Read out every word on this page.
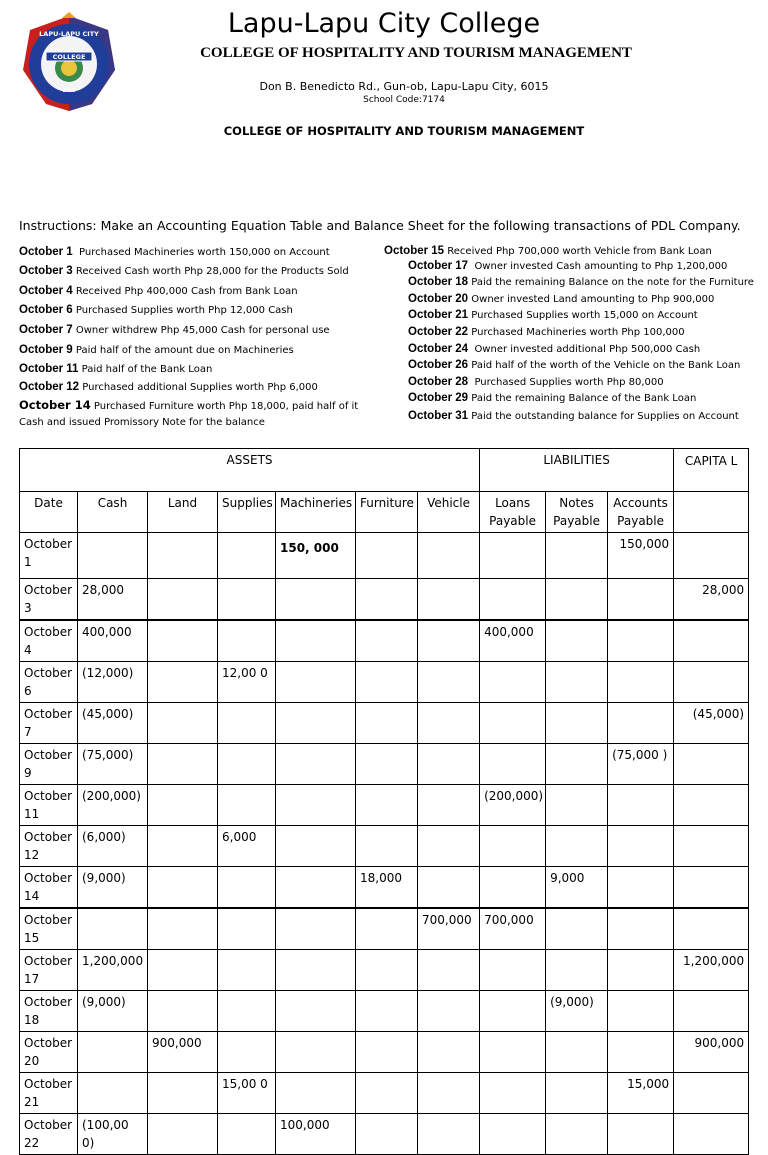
COLLEGE
LAPU-LAPU CITY
2013
Lapu-Lapu City College
COLLEGE OF HOSPITALITY AND TOURISM MANAGEMENT
Don B. Benedicto Rd., Gun-ob, Lapu-Lapu City, 6015
School Code:7174
COLLEGE OF HOSPITALITY AND TOURISM MANAGEMENT
Instructions: Make an Accounting Equation Table and Balance Sheet for the following transactions of PDL Company.
October 1 Purchased Machineries worth 150,000 on Account
October 3 Received Cash worth Php 28,000 for the Products Sold
October 4 Received Php 400,000 Cash from Bank Loan
October 6 Purchased Supplies worth Php 12,000 Cash
October 7 Owner withdrew Php 45,000 Cash for personal use
October 9 Paid half of the amount due on Machineries
October 11 Paid half of the Bank Loan
October 12 Purchased additional Supplies worth Php 6,000
October 14 Purchased Furniture worth Php 18,000, paid half of it Cash and issued Promissory Note for the balance
October 15 Received Php 700,000 worth Vehicle from Bank Loan
October 17 Owner invested Cash amounting to Php 1,200,000
October 18 Paid the remaining Balance on the note for the Furniture
October 20 Owner invested Land amounting to Php 900,000
October 21 Purchased Supplies worth 15,000 on Account
October 22 Purchased Machineries worth Php 100,000
October 24 Owner invested additional Php 500,000 Cash
October 26 Paid half of the worth of the Vehicle on the Bank Loan
October 28 Purchased Supplies worth Php 80,000
October 29 Paid the remaining Balance of the Bank Loan
October 31 Paid the outstanding balance for Supplies on Account
ASSETS							LIABILITIES			CAPITA L
Date	Cash	Land	Supplies	Machineries	Furniture	Vehicle	Loans Payable	Notes Payable	Accounts Payable	
October 1				150, 000					150,000	
October 3	28,000									28,000
October 4	400,000						400,000			
October 6	(12,000)		12,00 0							
October 7	(45,000)									(45,000)
October 9	(75,000)								(75,000 )	
October 11	(200,000)						(200,000)			
October 12	(6,000)		6,000							
October 14	(9,000)				18,000			9,000		
October 15						700,000	700,000			
October 17	1,200,000									1,200,000
October 18	(9,000)							(9,000)		
October 20		900,000								900,000
October 21			15,00 0						15,000	
October 22	(100,00 0)			100,000						
